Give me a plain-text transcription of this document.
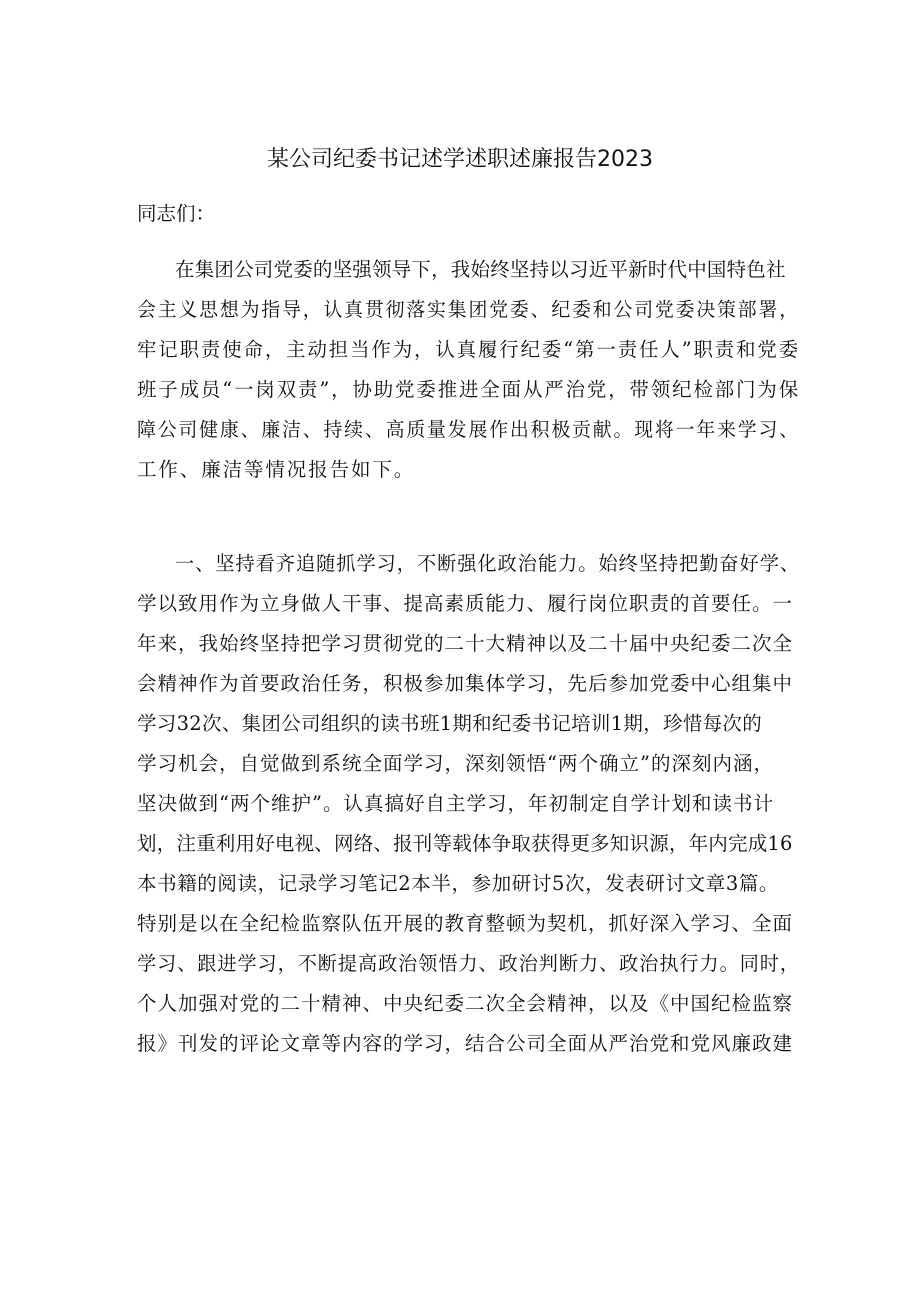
某公司纪委书记述学述职述廉报告2023
同志们：
在集团公司党委的坚强领导下，我始终坚持以习近平新时代中国特色社
会主义思想为指导，认真贯彻落实集团党委、纪委和公司党委决策部署，
牢记职责使命，主动担当作为，认真履行纪委“第一责任人”职责和党委
班子成员“一岗双责”，协助党委推进全面从严治党，带领纪检部门为保
障公司健康、廉洁、持续、高质量发展作出积极贡献。现将一年来学习、
工作、廉洁等情况报告如下。
一、坚持看齐追随抓学习，不断强化政治能力。始终坚持把勤奋好学、
学以致用作为立身做人干事、提高素质能力、履行岗位职责的首要任。一
年来，我始终坚持把学习贯彻党的二十大精神以及二十届中央纪委二次全
会精神作为首要政治任务，积极参加集体学习，先后参加党委中心组集中
学习32次、集团公司组织的读书班1期和纪委书记培训1期，珍惜每次的
学习机会，自觉做到系统全面学习，深刻领悟“两个确立”的深刻内涵，
坚决做到“两个维护”。认真搞好自主学习，年初制定自学计划和读书计
划，注重利用好电视、网络、报刊等载体争取获得更多知识源，年内完成16
本书籍的阅读，记录学习笔记2本半，参加研讨5次，发表研讨文章3篇。
特别是以在全纪检监察队伍开展的教育整顿为契机，抓好深入学习、全面
学习、跟进学习，不断提高政治领悟力、政治判断力、政治执行力。同时，
个人加强对党的二十精神、中央纪委二次全会精神，以及《中国纪检监察
报》刊发的评论文章等内容的学习，结合公司全面从严治党和党风廉政建
